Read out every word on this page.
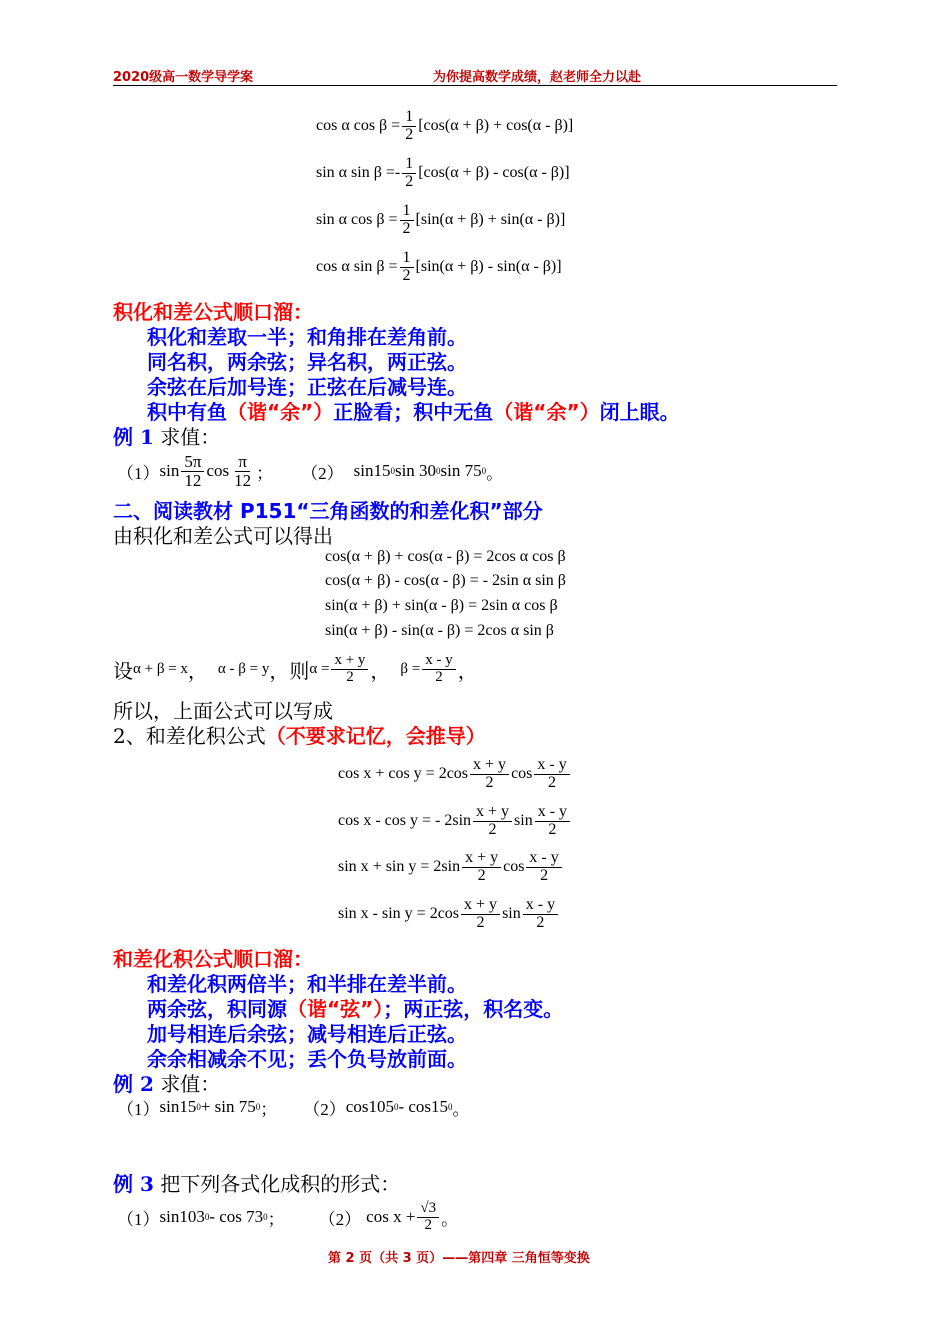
2020级高一数学导学案	为你提高数学成绩，赵老师全力以赴
cos α $\cos \beta = \frac{1}{2} [\cos(\alpha + \beta) + \cos(\alpha - \beta)]$
sin α sin β = - $\frac{1}{2} [\cos(\alpha + \beta) - \cos(\alpha - \beta)]$
sin α $\cos \beta = \frac{1}{2} [\sin(\alpha + \beta) + \sin(\alpha - \beta)]$
cos α $\sin \beta = \frac{1}{2} [\sin(\alpha + \beta) - \sin(\alpha - \beta)]$
积化和差公式顺口溜：
积化和差取一半；和角排在差角前。
同名积，两余弦；异名积，两正弦。
余弦在后加号连；正弦在后减号连。
积中有鱼（谐“余”）正脸看；积中无鱼（谐“余”）闭上眼。
例 1 求值：
（1） $\sin \frac{5\pi}{12}$ $\cos \frac{\pi}{12}$ ； （2） sin15 0 sin 30 0 sin 75 0 。
二、阅读教材 P151“三角函数的和差化积”部分
由积化和差公式可以得出
cos(α + β) + cos(α - β) = 2cos α cos β
cos(α + β) - cos(α - β) = - 2sin α sin β
sin(α + β) + sin(α - β) = 2sin α cos β
sin(α + β) - sin(α - β) = 2cos α sin β
设 α + β = x ， α - β = y ，则 $\alpha = \frac{x + y}{2}$ ， $\beta = \frac{x - y}{2}$ ，
所以，上面公式可以写成
2、和差化积公式（不要求记忆，会推导）
$\cos x + \cos y = 2\cos \frac{x + y}{2}$ $\cos \frac{x - y}{2}$
cos x - cos y = - $2\sin \frac{x + y}{2}$ $\sin \frac{x - y}{2}$
$\sin x + \sin y = 2\sin \frac{x + y}{2}$ $\cos \frac{x - y}{2}$
$\sin x - \sin y = 2\cos \frac{x + y}{2}$ $\sin \frac{x - y}{2}$
和差化积公式顺口溜：
和差化积两倍半；和半排在差半前。
两余弦，积同源（谐“弦”）；两正弦，积名变。
加号相连后余弦；减号相连后正弦。
余余相减余不见；丢个负号放前面。
例 2 求值：
（1） sin15 0 + sin 75 0 ； （2） cos105 0 - cos15 0 。
例 3 把下列各式化成积的形式：
（1） sin103 0 - cos 73 0 ； （2） $\cos x + \frac{√3}{2}$ 。
第 2 页（共 3 页）——第四章 三角恒等变换
